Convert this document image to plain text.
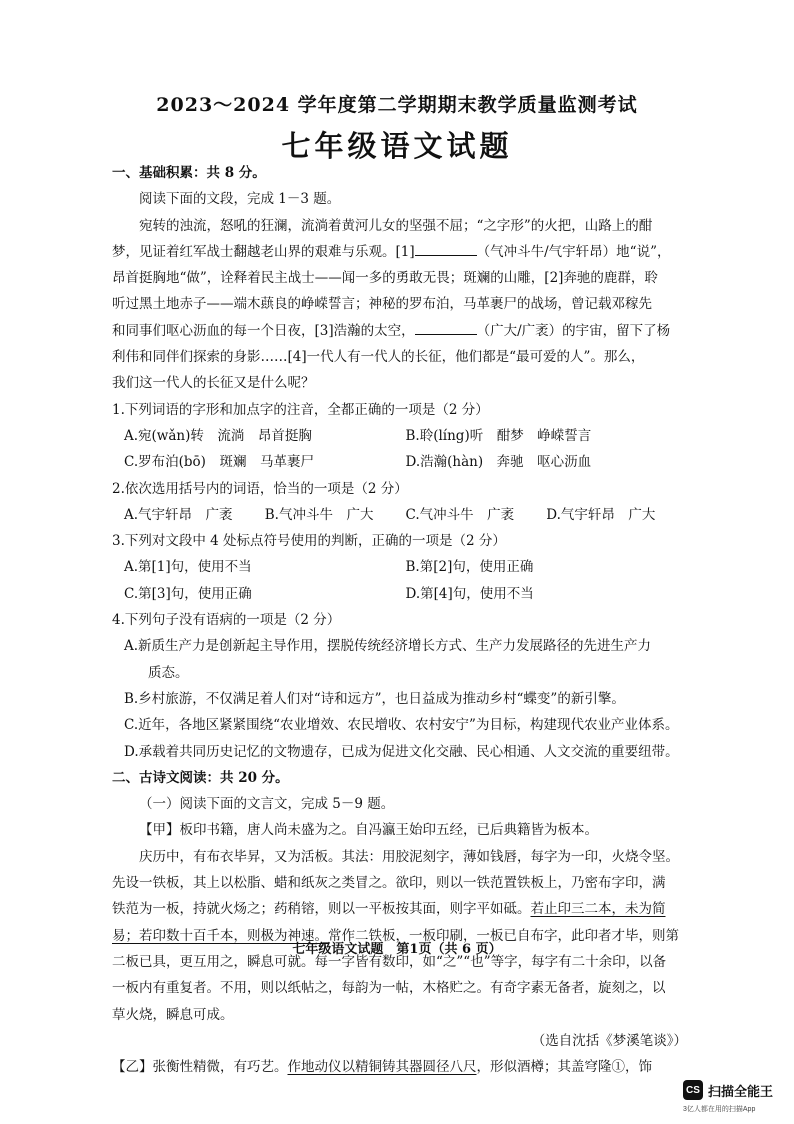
2023～2024 学年度第二学期期末教学质量监测考试
七年级语文试题

一、基础积累：共 8 分。

阅读下面的文段，完成 1－3 题。

宛转的浊流，怒吼的狂澜，流淌着黄河儿女的坚强不屈；“之字形”的火把，山路上的酣

梦，见证着红军战士翻越老山界的艰难与乐观。[1]	（气冲斗牛/气宇轩昂）地“说”，

昂首挺胸地“做”，诠释着民主战士——闻一多的勇敢无畏；斑斓的山雕，[2]奔驰的鹿群，聆

听过黑土地赤子——端木蕻良的峥嵘誓言；神秘的罗布泊，马革裹尸的战场，曾记载邓稼先

和同事们呕心沥血的每一个日夜，[3]浩瀚的太空，	（广大/广袤）的宇宙，留下了杨

利伟和同伴们探索的身影……[4]一代人有一代人的长征，他们都是“最可爱的人”。那么，

我们这一代人的长征又是什么呢？

1.下列词语的字形和加点字的注音，全都正确的一项是（2 分）

A.宛(wǎn)转　流淌　昂首挺胸	B.聆(líng)听　酣梦　峥嵘誓言
C.罗布泊(bō)　斑斓　马革裹尸	D.浩瀚(hàn)　奔驰　呕心沥血

2.依次选用括号内的词语，恰当的一项是（2 分）

A.气宇轩昂　广袤	B.气冲斗牛　广大	C.气冲斗牛　广袤	D.气宇轩昂　广大

3.下列对文段中 4 处标点符号使用的判断，正确的一项是（2 分）

A.第[1]句，使用不当	B.第[2]句，使用正确
C.第[3]句，使用正确	D.第[4]句，使用不当

4.下列句子没有语病的一项是（2 分）

A.新质生产力是创新起主导作用，摆脱传统经济增长方式、生产力发展路径的先进生产力

质态。

B.乡村旅游，不仅满足着人们对“诗和远方”，也日益成为推动乡村“蝶变”的新引擎。

C.近年，各地区紧紧围绕“农业增效、农民增收、农村安宁”为目标，构建现代农业产业体系。

D.承载着共同历史记忆的文物遗存，已成为促进文化交融、民心相通、人文交流的重要纽带。

二、古诗文阅读：共 20 分。

（一）阅读下面的文言文，完成 5－9 题。

【甲】板印书籍，唐人尚未盛为之。自冯瀛王始印五经，已后典籍皆为板本。

庆历中，有布衣毕昇，又为活板。其法：用胶泥刻字，薄如钱唇，每字为一印，火烧令坚。

先设一铁板，其上以松脂、蜡和纸灰之类冒之。欲印，则以一铁范置铁板上，乃密布字印，满

铁范为一板，持就火炀之；药稍镕，则以一平板按其面，则字平如砥。若止印三二本，未为简

易；若印数十百千本，则极为神速。常作二铁板，一板印刷，一板已自布字，此印者才毕，则第

二板已具，更互用之，瞬息可就。每一字皆有数印，如“之”“也”等字，每字有二十余印，以备

一板内有重复者。不用，则以纸帖之，每韵为一帖，木格贮之。有奇字素无备者，旋刻之，以

草火烧，瞬息可成。

（选自沈括《梦溪笔谈》）

【乙】张衡性精微，有巧艺。作地动仪以精铜铸其器圆径八尺，形似酒樽；其盖穹隆①，饰

七年级语文试题　第1页（共 6 页）
CS 扫描全能王
3亿人都在用的扫描App
